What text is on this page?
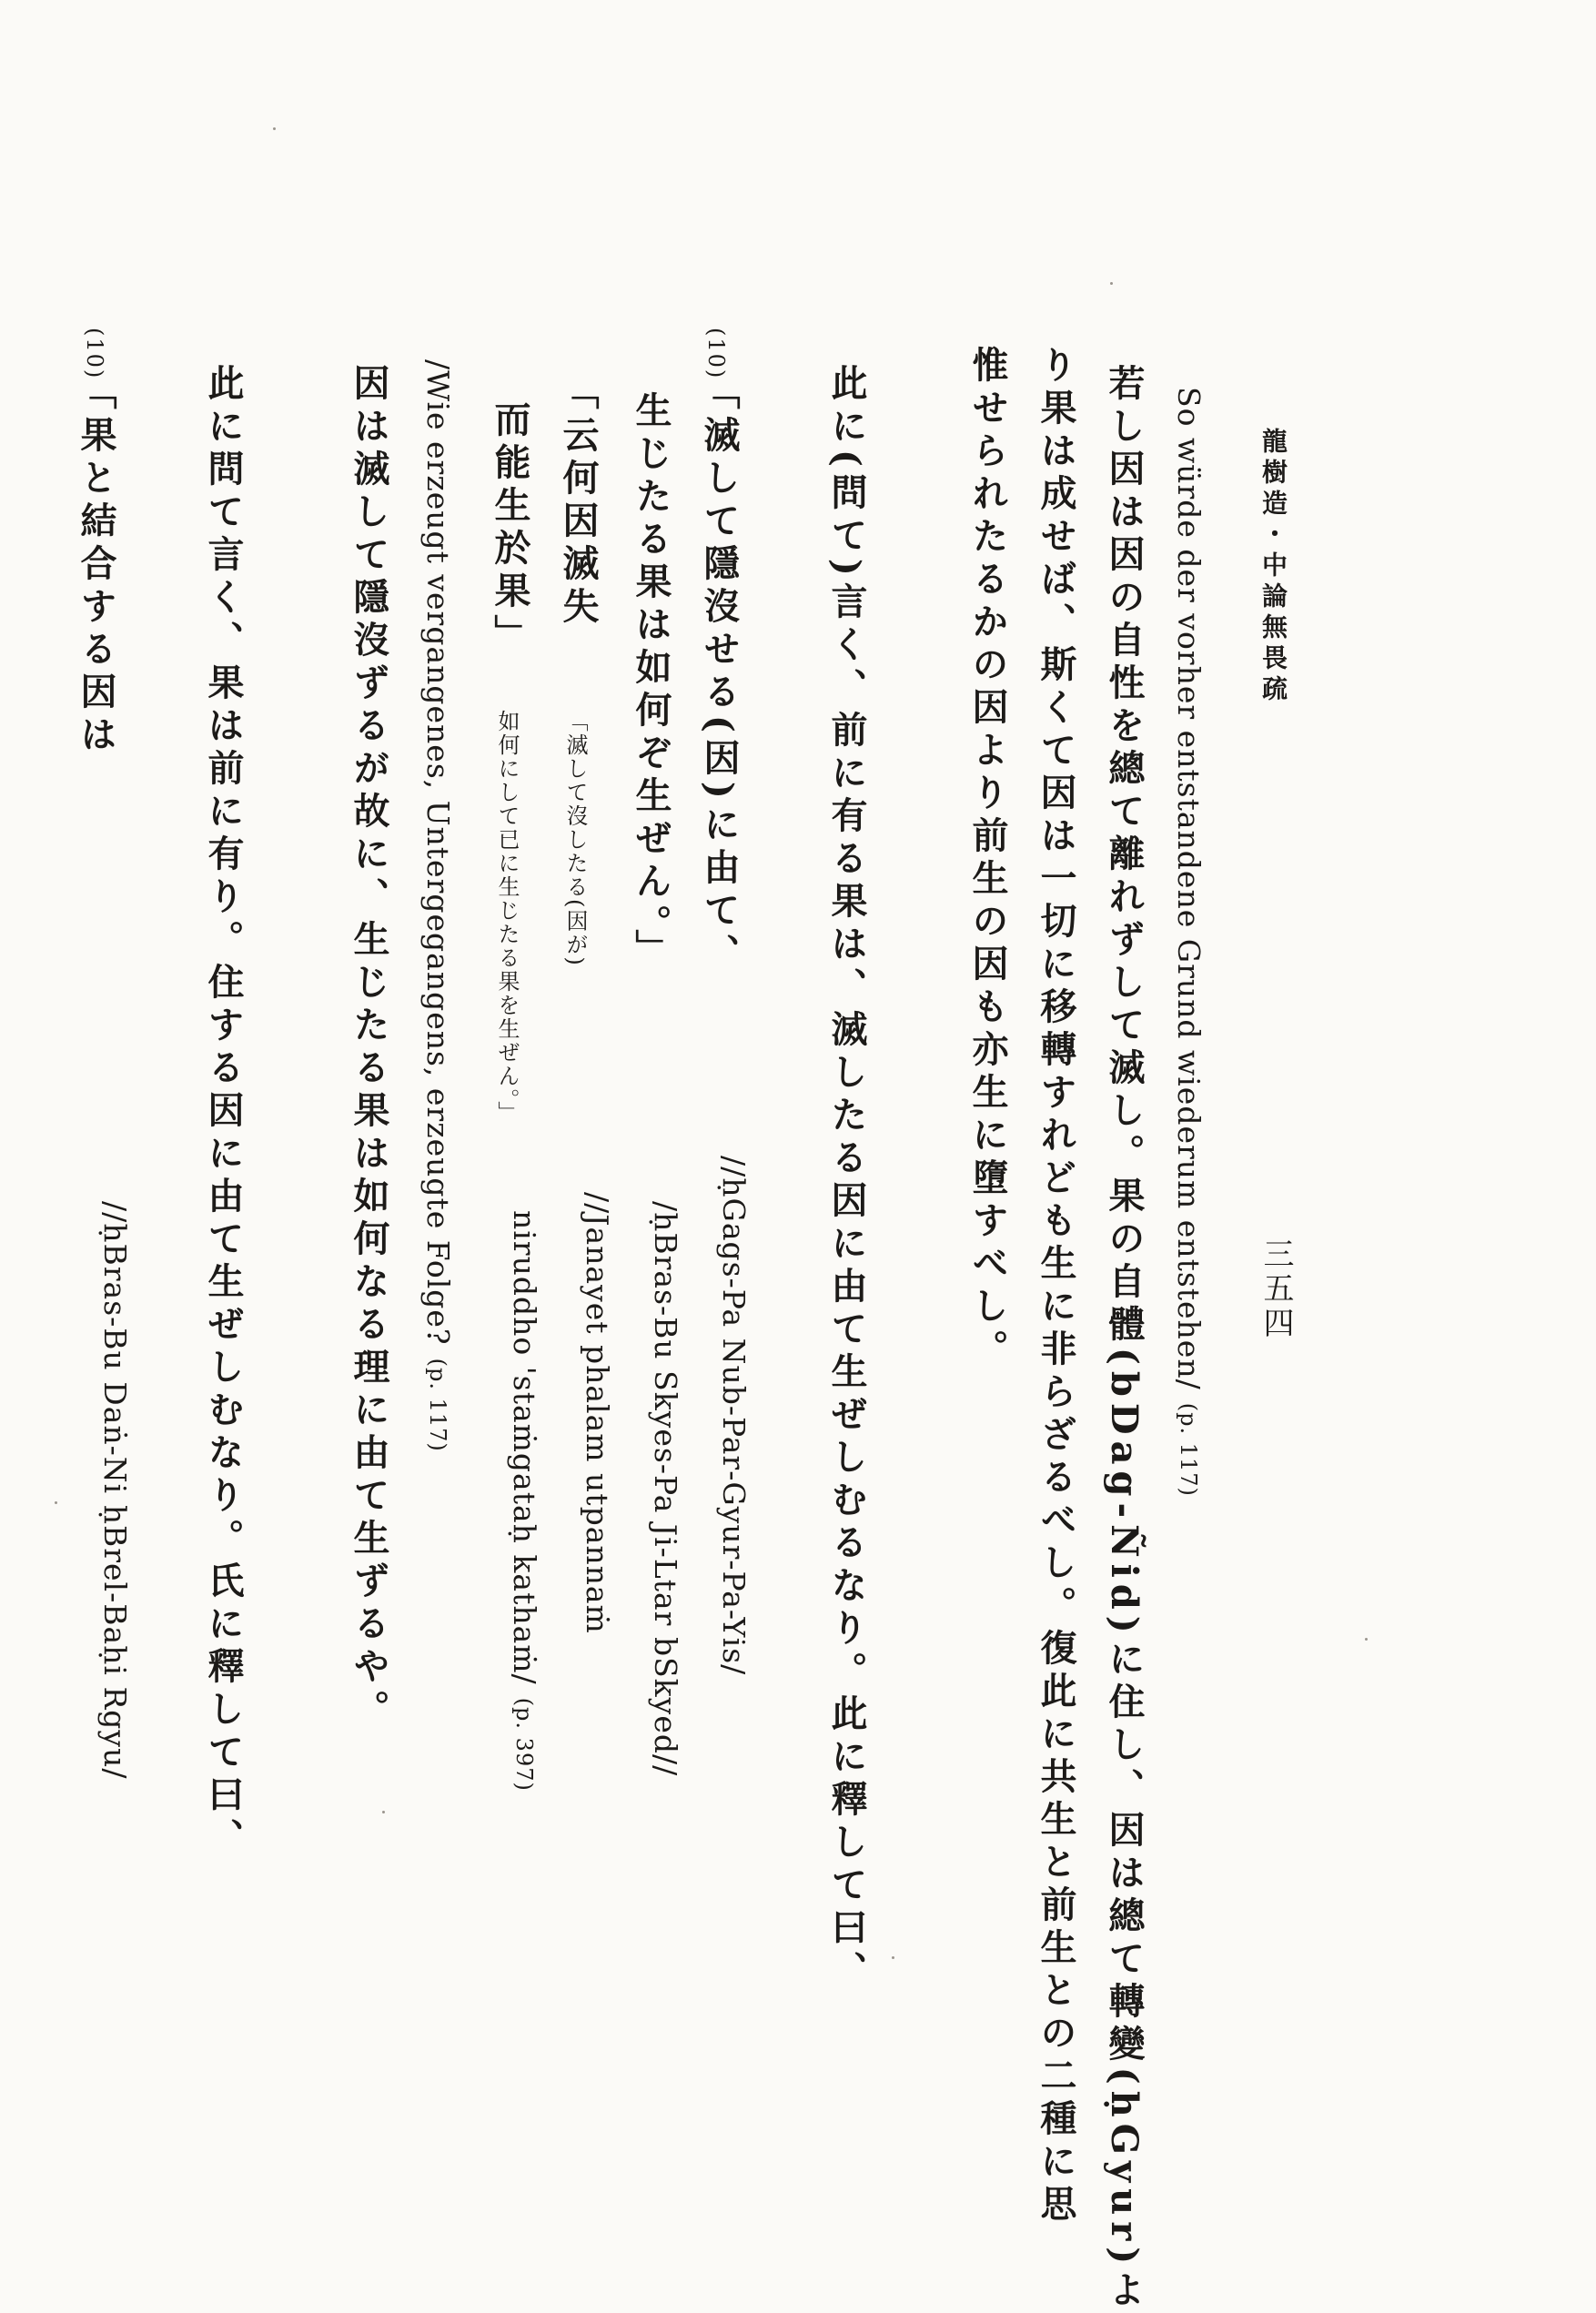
龍樹造・中論無畏疏
三五四
So würde der vorher entstandene Grund wiederum entstehen/(p. 117)
若し因は因の自性を總て離れずして滅し。果の自體(bDag-Ñid)に住し、因は總て轉變(ḥGyur)よ
り果は成せば、斯くて因は一切に移轉すれども生に非らざるべし。復此に共生と前生との二種に思
惟せられたるかの因より前生の因も亦生に墮すべし。
此に(問て)言く、前に有る果は、滅したる因に由て生ぜしむるなり。此に釋して曰、
(10)
「滅して隱沒せる(因)に由て、
//ḥGags-Pa Nub-Par-Gyur-Pa-Yis/
生じたる果は如何ぞ生ぜん。」
/ḥBras-Bu Skyes-Pa Ji-Ltar bSkyed//
「云何因滅失
「滅して沒したる(因が)
//Janayet phalam utpannaṁ
而能生於果」
如何にして已に生じたる果を生ぜん。」
niruddho 'staṁgataḥ kathaṁ/(p. 397)
/Wie erzeugt vergangenes, Untergegangens, erzeugte Folge?(p. 117)
因は滅して隱沒ずるが故に、生じたる果は如何なる理に由て生ずるや。
此に問て言く、果は前に有り。住する因に由て生ぜしむなり。氏に釋して曰、
(10)
「果と結合する因は
//ḥBras-Bu Daṅ-Ni ḥBrel-Baḥi Rgyu/
